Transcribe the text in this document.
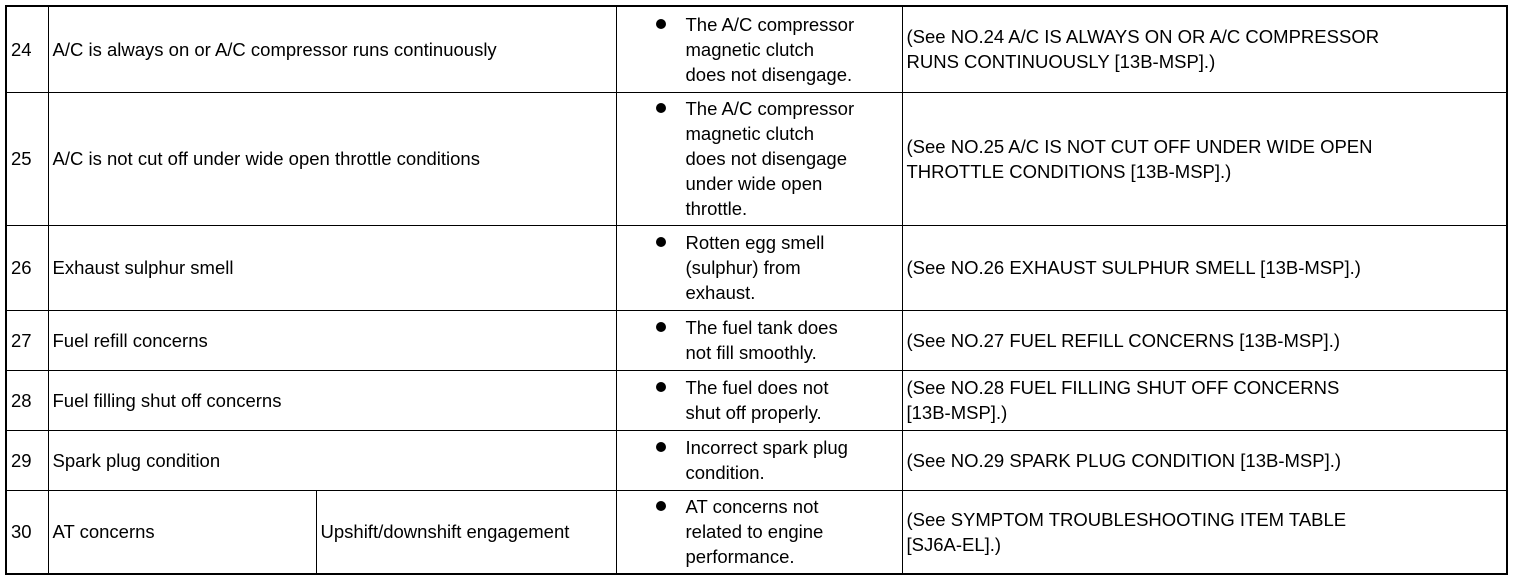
24	A/C is always on or A/C compressor runs continuously		The A/C compressor
magnetic clutch
does not disengage.	(See NO.24 A/C IS ALWAYS ON OR A/C COMPRESSOR
RUNS CONTINUOUSLY [13B-MSP].)

25	A/C is not cut off under wide open throttle conditions		The A/C compressor
magnetic clutch
does not disengage
under wide open
throttle.	(See NO.25 A/C IS NOT CUT OFF UNDER WIDE OPEN
THROTTLE CONDITIONS [13B-MSP].)

26	Exhaust sulphur smell		Rotten egg smell
(sulphur) from
exhaust.	(See NO.26 EXHAUST SULPHUR SMELL [13B-MSP].)

27	Fuel refill concerns		The fuel tank does
not fill smoothly.	(See NO.27 FUEL REFILL CONCERNS [13B-MSP].)

28	Fuel filling shut off concerns		The fuel does not
shut off properly.	(See NO.28 FUEL FILLING SHUT OFF CONCERNS
[13B-MSP].)

29	Spark plug condition		Incorrect spark plug
condition.	(See NO.29 SPARK PLUG CONDITION [13B-MSP].)

30	AT concerns	Upshift/downshift engagement	AT concerns not
related to engine
performance.	(See SYMPTOM TROUBLESHOOTING ITEM TABLE
[SJ6A-EL].)
